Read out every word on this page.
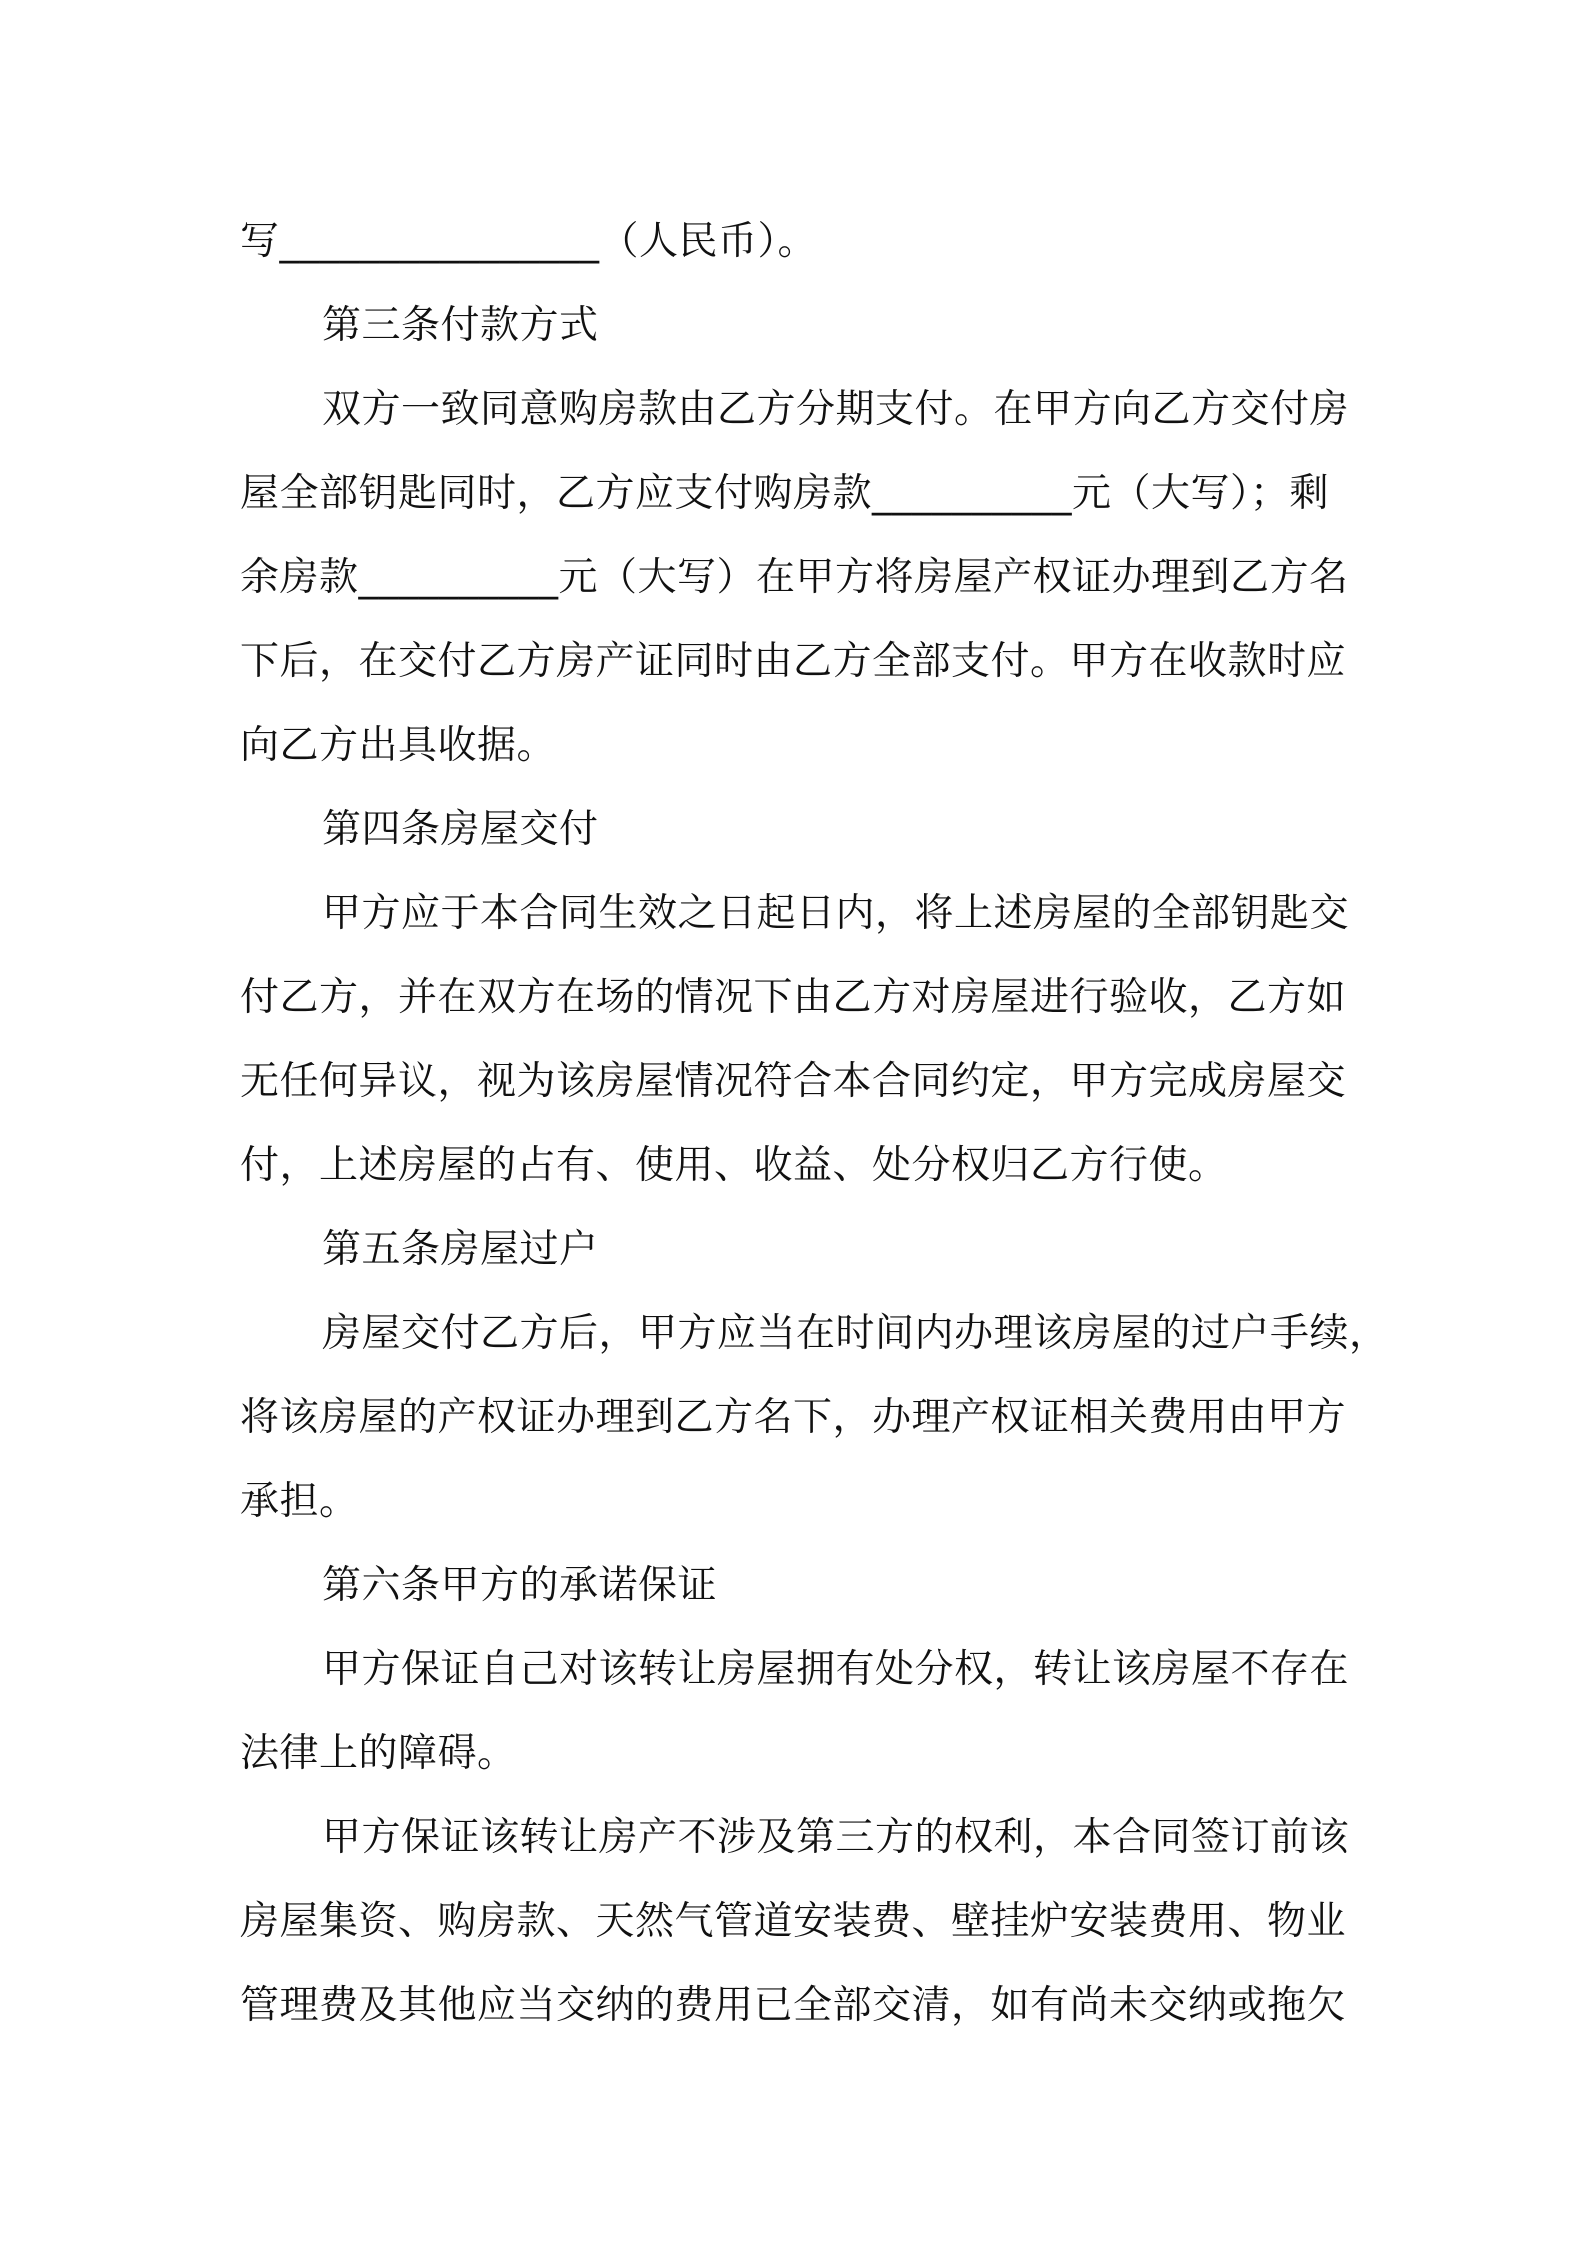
写________________（人民币）。
第三条付款方式
双方一致同意购房款由乙方分期支付。在甲方向乙方交付房
屋全部钥匙同时，乙方应支付购房款__________元（大写）；剩
余房款__________元（大写）在甲方将房屋产权证办理到乙方名
下后，在交付乙方房产证同时由乙方全部支付。甲方在收款时应
向乙方出具收据。
第四条房屋交付
甲方应于本合同生效之日起日内，将上述房屋的全部钥匙交
付乙方，并在双方在场的情况下由乙方对房屋进行验收，乙方如
无任何异议，视为该房屋情况符合本合同约定，甲方完成房屋交
付，上述房屋的占有、使用、收益、处分权归乙方行使。
第五条房屋过户
房屋交付乙方后，甲方应当在时间内办理该房屋的过户手续，
将该房屋的产权证办理到乙方名下，办理产权证相关费用由甲方
承担。
第六条甲方的承诺保证
甲方保证自己对该转让房屋拥有处分权，转让该房屋不存在
法律上的障碍。
甲方保证该转让房产不涉及第三方的权利，本合同签订前该
房屋集资、购房款、天然气管道安装费、壁挂炉安装费用、物业
管理费及其他应当交纳的费用已全部交清，如有尚未交纳或拖欠
